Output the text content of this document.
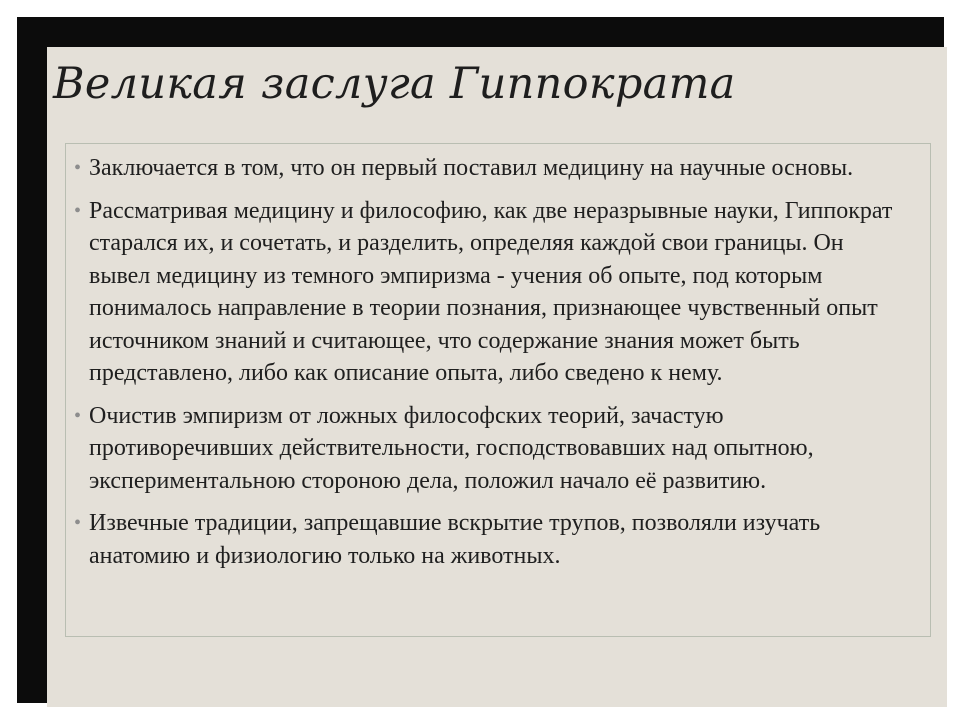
Великая заслуга Гиппократа
• Заключается в том, что он первый поставил медицину на научные основы.
• Рассматривая медицину и философию, как две неразрывные науки, Гиппократ старался их, и сочетать, и разделить, определяя каждой свои границы. Он вывел медицину из темного эмпиризма - учения об опыте, под которым понималось направление в теории познания, признающее чувственный опыт источником знаний и считающее, что содержание знания может быть представлено, либо как описание опыта, либо сведено к нему.
• Очистив эмпиризм от ложных философских теорий, зачастую противоречивших действительности, господствовавших над опытною, экспериментальною стороною дела, положил начало её развитию.
• Извечные традиции, запрещавшие вскрытие трупов, позволяли изучать анатомию и физиологию только на животных.
